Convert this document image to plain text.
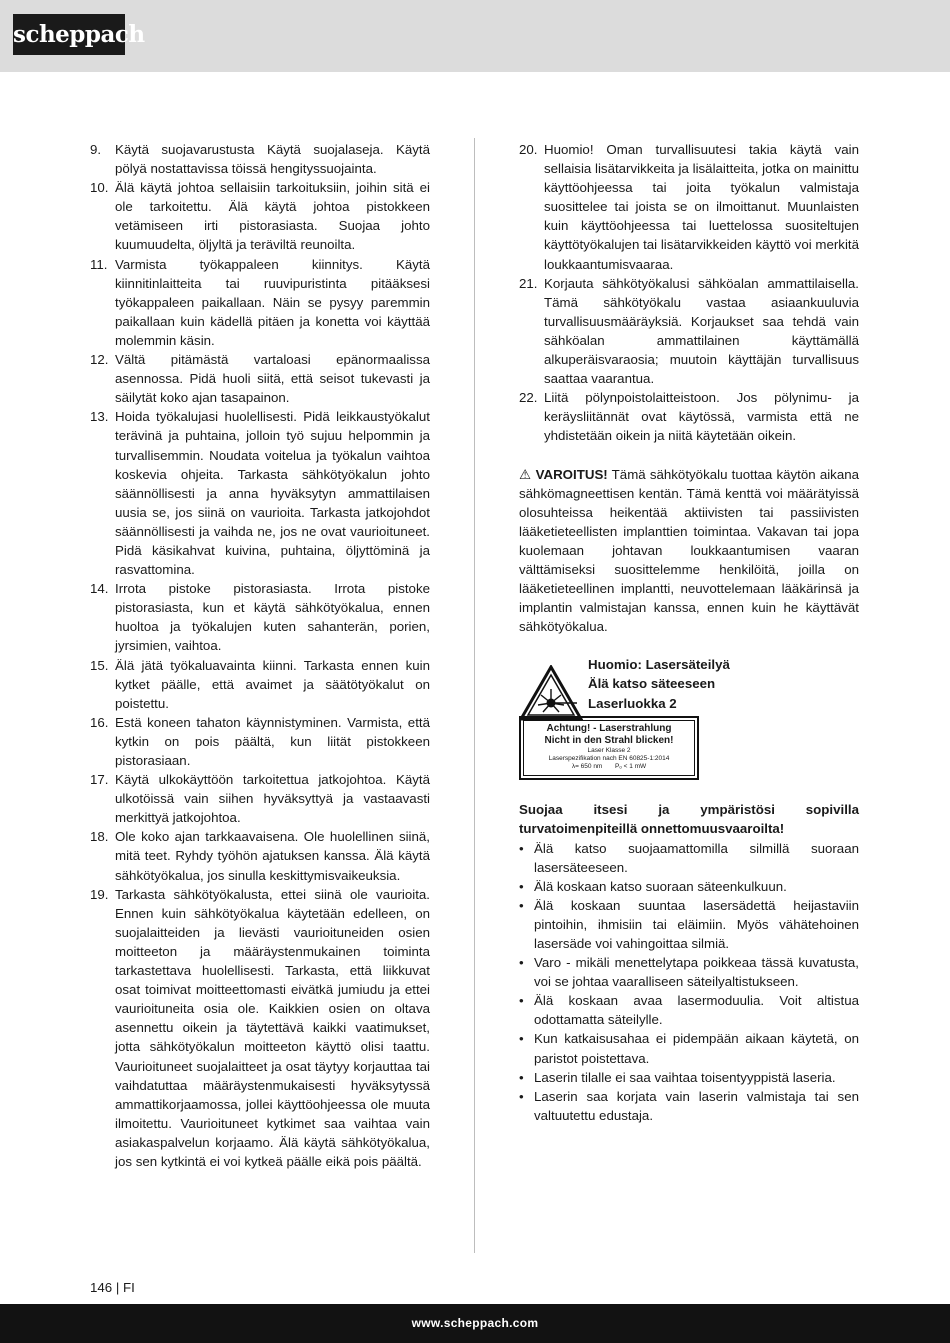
scheppach
9. Käytä suojavarustusta Käytä suojalaseja. Käytä pölyä nostattavissa töissä hengityssuojainta.
10. Älä käytä johtoa sellaisiin tarkoituksiin, joihin sitä ei ole tarkoitettu. Älä käytä johtoa pistokkeen vetämiseen irti pistorasiasta. Suojaa johto kuumuudelta, öljyltä ja teräviltä reunoilta.
11. Varmista työkappaleen kiinnitys. Käytä kiinnitinlaitteita tai ruuvipuristinta pitääksesi työkappaleen paikallaan. Näin se pysyy paremmin paikallaan kuin kädellä pitäen ja konetta voi käyttää molemmin käsin.
12. Vältä pitämästä vartaloasi epänormaalissa asennossa. Pidä huoli siitä, että seisot tukevasti ja säilytät koko ajan tasapainon.
13. Hoida työkalujasi huolellisesti. Pidä leikkaustyökalut terävinä ja puhtaina, jolloin työ sujuu helpommin ja turvallisemmin. Noudata voitelua ja työkalun vaihtoa koskevia ohjeita. Tarkasta sähkötyökalun johto säännöllisesti ja anna hyväksytyn ammattilaisen uusia se, jos siinä on vaurioita. Tarkasta jatkojohdot säännöllisesti ja vaihda ne, jos ne ovat vaurioituneet. Pidä käsikahvat kuivina, puhtaina, öljyttöminä ja rasvattomina.
14. Irrota pistoke pistorasiasta. Irrota pistoke pistorasiasta, kun et käytä sähkötyökalua, ennen huoltoa ja työkalujen kuten sahanterän, porien, jyrsimien, vaihtoa.
15. Älä jätä työkaluavainta kiinni. Tarkasta ennen kuin kytket päälle, että avaimet ja säätötyökalut on poistettu.
16. Estä koneen tahaton käynnistyminen. Varmista, että kytkin on pois päältä, kun liität pistokkeen pistorasiaan.
17. Käytä ulkokäyttöön tarkoitettua jatkojohtoa. Käytä ulkotöissä vain siihen hyväksyttyä ja vastaavasti merkittyä jatkojohtoa.
18. Ole koko ajan tarkkaavaisena. Ole huolellinen siinä, mitä teet. Ryhdy työhön ajatuksen kanssa. Älä käytä sähkötyökalua, jos sinulla keskittymisvaikeuksia.
19. Tarkasta sähkötyökalusta, ettei siinä ole vaurioita. Ennen kuin sähkötyökalua käytetään edelleen, on suojalaitteiden ja lievästi vaurioituneiden osien moitteeton ja määräystenmukainen toiminta tarkastettava huolellisesti. Tarkasta, että liikkuvat osat toimivat moitteettomasti eivätkä jumiudu ja ettei vaurioituneita osia ole. Kaikkien osien on oltava asennettu oikein ja täytettävä kaikki vaatimukset, jotta sähkötyökalun moitteeton käyttö olisi taattu. Vaurioituneet suojalaitteet ja osat täytyy korjauttaa tai vaihdatuttaa määräystenmukaisesti hyväksytyssä ammattikorjaamossa, jollei käyttöohjeessa ole muuta ilmoitettu. Vaurioituneet kytkimet saa vaihtaa vain asiakaspalvelun korjaamo. Älä käytä sähkötyökalua, jos sen kytkintä ei voi kytkeä päälle eikä pois päältä.
20. Huomio! Oman turvallisuutesi takia käytä vain sellaisia lisätarvikkeita ja lisälaitteita, jotka on mainittu käyttöohjeessa tai joita työkalun valmistaja suosittelee tai joista se on ilmoittanut. Muunlaisten kuin käyttöohjeessa tai luettelossa suositeltujen käyttötyökalujen tai lisätarvikkeiden käyttö voi merkitä loukkaantumisvaaraa.
21. Korjauta sähkötyökalusi sähköalan ammattilaisella. Tämä sähkötyökalu vastaa asiaankuuluvia turvallisuusmääräyksiä. Korjaukset saa tehdä vain sähköalan ammattilainen käyttämällä alkuperäisvaraosia; muutoin käyttäjän turvallisuus saattaa vaarantua.
22. Liitä pölynpoistolaitteistoon. Jos pölynimu- ja keräysliitännät ovat käytössä, varmista että ne yhdistetään oikein ja niitä käytetään oikein.
⚠ VAROITUS! Tämä sähkötyökalu tuottaa käytön aikana sähkömagneettisen kentän. Tämä kenttä voi määrätyissä olosuhteissa heikentää aktiivisten tai passiivisten lääketieteellisten implanttien toimintaa. Vakavan tai jopa kuolemaan johtavan loukkaantumisen vaaran välttämiseksi suosittelemme henkilöitä, joilla on lääketieteellinen implantti, neuvottelemaan lääkärinsä ja implantin valmistajan kanssa, ennen kuin he käyttävät sähkötyökalua.
Huomio: Lasersäteilyä
Älä katso säteeseen
Laserluokka 2
Achtung! - Laserstrahlung
Nicht in den Strahl blicken!
Laser Klasse 2
Laserspezifikation nach EN 60825-1:2014
λ= 650 nm Pₒ < 1 mW
Suojaa itsesi ja ympäristösi sopivilla turvatoimenpiteillä onnettomuusvaaroilta!
• Älä katso suojaamattomilla silmillä suoraan lasersäteeseen.
• Älä koskaan katso suoraan säteenkulkuun.
• Älä koskaan suuntaa lasersädettä heijastaviin pintoihin, ihmisiin tai eläimiin. Myös vähätehoinen lasersäde voi vahingoittaa silmiä.
• Varo - mikäli menettelytapa poikkeaa tässä kuvatusta, voi se johtaa vaaralliseen säteilyaltistukseen.
• Älä koskaan avaa lasermoduulia. Voit altistua odottamatta säteilylle.
• Kun katkaisusahaa ei pidempään aikaan käytetä, on paristot poistettava.
• Laserin tilalle ei saa vaihtaa toisentyyppistä laseria.
• Laserin saa korjata vain laserin valmistaja tai sen valtuutettu edustaja.
146 | FI
www.scheppach.com
